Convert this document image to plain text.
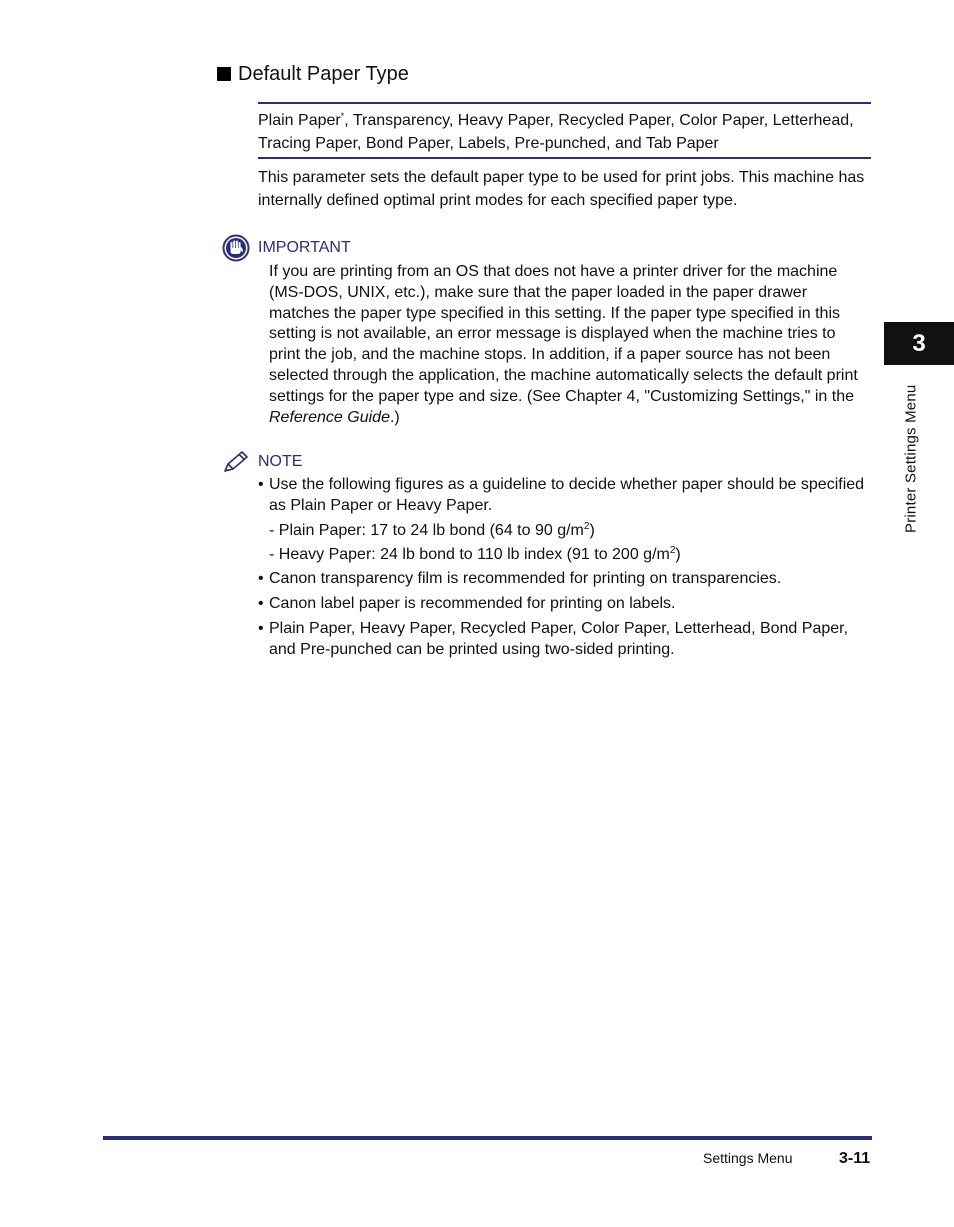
Default Paper Type
Plain Paper*, Transparency, Heavy Paper, Recycled Paper, Color Paper, Letterhead, Tracing Paper, Bond Paper, Labels, Pre-punched, and Tab Paper
This parameter sets the default paper type to be used for print jobs. This machine has internally defined optimal print modes for each specified paper type.
IMPORTANT
If you are printing from an OS that does not have a printer driver for the machine (MS-DOS, UNIX, etc.), make sure that the paper loaded in the paper drawer matches the paper type specified in this setting. If the paper type specified in this setting is not available, an error message is displayed when the machine tries to print the job, and the machine stops. In addition, if a paper source has not been selected through the application, the machine automatically selects the default print settings for the paper type and size. (See Chapter 4, "Customizing Settings," in the Reference Guide.)
NOTE
• Use the following figures as a guideline to decide whether paper should be specified as Plain Paper or Heavy Paper.
- Plain Paper: 17 to 24 lb bond (64 to 90 $g/m^2$)
- Heavy Paper: 24 lb bond to 110 lb index (91 to 200 $g/m^2$)
• Canon transparency film is recommended for printing on transparencies.
• Canon label paper is recommended for printing on labels.
• Plain Paper, Heavy Paper, Recycled Paper, Color Paper, Letterhead, Bond Paper, and Pre-punched can be printed using two-sided printing.
3
Printer Settings Menu
Settings Menu	3-11
